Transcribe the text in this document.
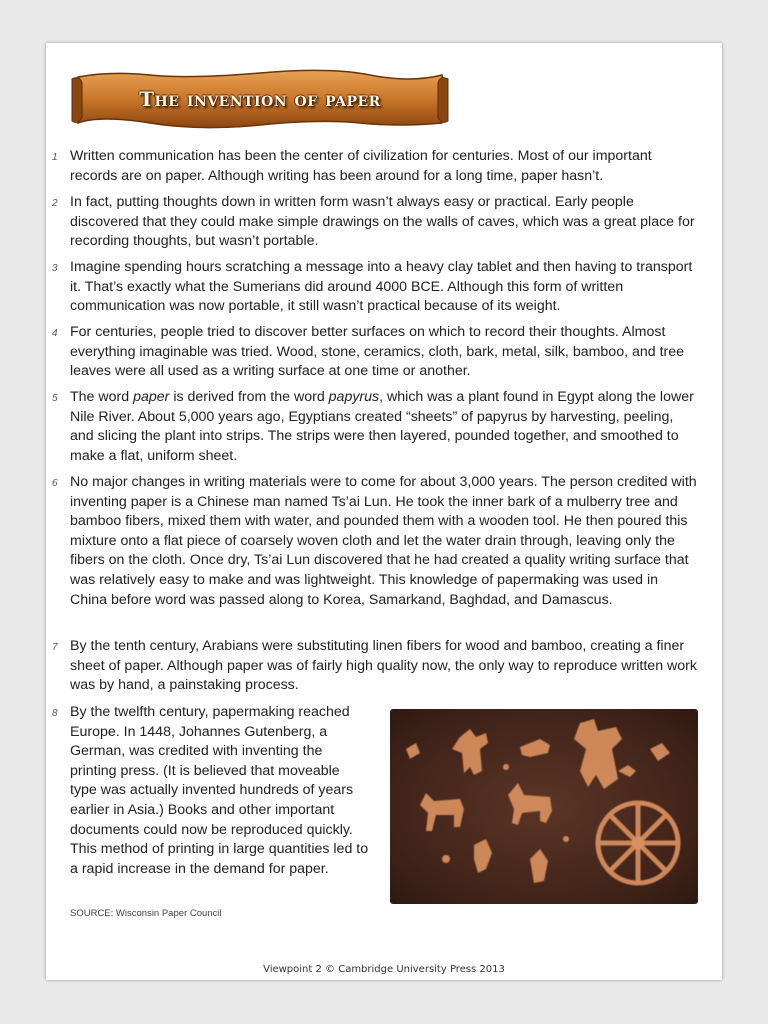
The invention of paper
1 Written communication has been the center of civilization for centuries. Most of our important records are on paper. Although writing has been around for a long time, paper hasn’t.
2 In fact, putting thoughts down in written form wasn’t always easy or practical. Early people discovered that they could make simple drawings on the walls of caves, which was a great place for recording thoughts, but wasn’t portable.
3 Imagine spending hours scratching a message into a heavy clay tablet and then having to transport it. That’s exactly what the Sumerians did around 4000 BCE. Although this form of written communication was now portable, it still wasn’t practical because of its weight.
4 For centuries, people tried to discover better surfaces on which to record their thoughts. Almost everything imaginable was tried. Wood, stone, ceramics, cloth, bark, metal, silk, bamboo, and tree leaves were all used as a writing surface at one time or another.
5 The word paper is derived from the word papyrus, which was a plant found in Egypt along the lower Nile River. About 5,000 years ago, Egyptians created “sheets” of papyrus by harvesting, peeling, and slicing the plant into strips. The strips were then layered, pounded together, and smoothed to make a flat, uniform sheet.
6 No major changes in writing materials were to come for about 3,000 years. The person credited with inventing paper is a Chinese man named Ts’ai Lun. He took the inner bark of a mulberry tree and bamboo fibers, mixed them with water, and pounded them with a wooden tool. He then poured this mixture onto a flat piece of coarsely woven cloth and let the water drain through, leaving only the fibers on the cloth. Once dry, Ts’ai Lun discovered that he had created a quality writing surface that was relatively easy to make and was lightweight. This knowledge of papermaking was used in China before word was passed along to Korea, Samarkand, Baghdad, and Damascus.
7 By the tenth century, Arabians were substituting linen fibers for wood and bamboo, creating a finer sheet of paper. Although paper was of fairly high quality now, the only way to reproduce written work was by hand, a painstaking process.
8 By the twelfth century, papermaking reached Europe. In 1448, Johannes Gutenberg, a German, was credited with inventing the printing press. (It is believed that moveable type was actually invented hundreds of years earlier in Asia.) Books and other important documents could now be reproduced quickly. This method of printing in large quantities led to a rapid increase in the demand for paper.
SOURCE: Wisconsin Paper Council
Viewpoint 2 © Cambridge University Press 2013
